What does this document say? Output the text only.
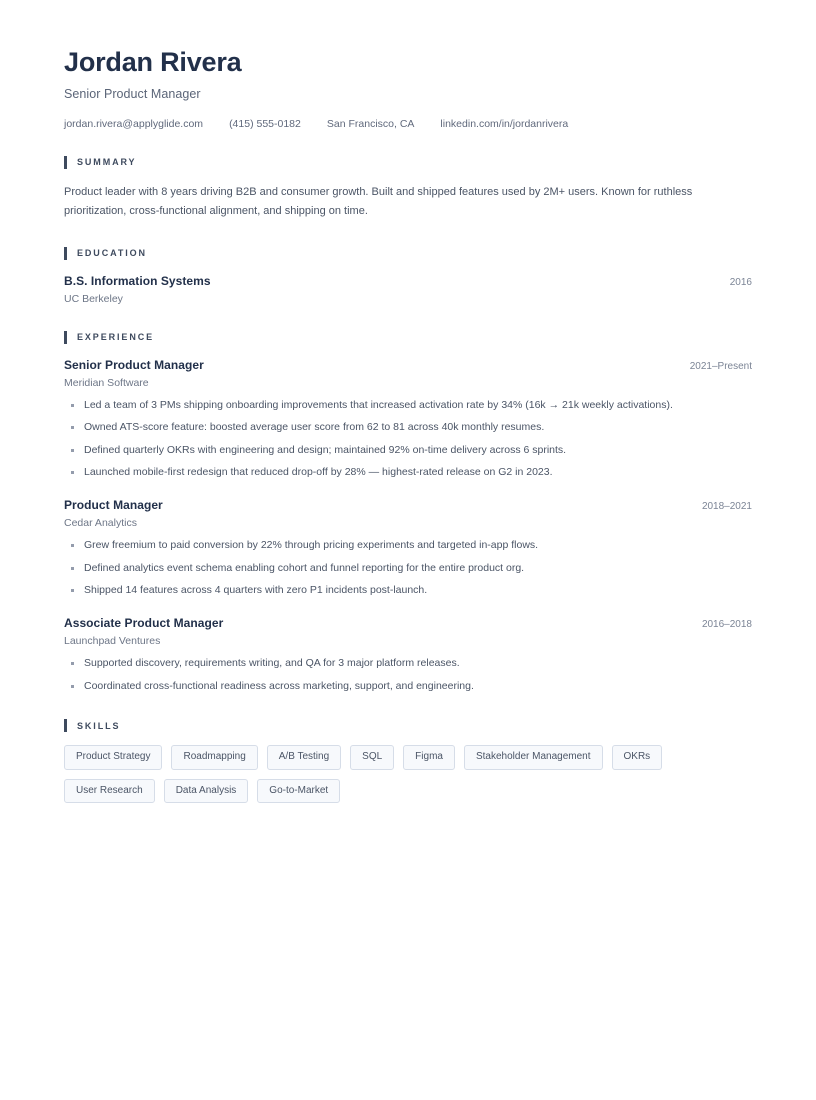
Jordan Rivera
Senior Product Manager
jordan.rivera@applyglide.com (415) 555-0182 San Francisco, CA linkedin.com/in/jordanrivera
SUMMARY
Product leader with 8 years driving B2B and consumer growth. Built and shipped features used by 2M+ users. Known for ruthless prioritization, cross-functional alignment, and shipping on time.
EDUCATION
B.S. Information Systems	2016
UC Berkeley
EXPERIENCE
Senior Product Manager	2021–Present
Meridian Software
Led a team of 3 PMs shipping onboarding improvements that increased activation rate by 34% (16k → 21k weekly activations).
Owned ATS-score feature: boosted average user score from 62 to 81 across 40k monthly resumes.
Defined quarterly OKRs with engineering and design; maintained 92% on-time delivery across 6 sprints.
Launched mobile-first redesign that reduced drop-off by 28% — highest-rated release on G2 in 2023.
Product Manager	2018–2021
Cedar Analytics
Grew freemium to paid conversion by 22% through pricing experiments and targeted in-app flows.
Defined analytics event schema enabling cohort and funnel reporting for the entire product org.
Shipped 14 features across 4 quarters with zero P1 incidents post-launch.
Associate Product Manager	2016–2018
Launchpad Ventures
Supported discovery, requirements writing, and QA for 3 major platform releases.
Coordinated cross-functional readiness across marketing, support, and engineering.
SKILLS
Product Strategy	Roadmapping	A/B Testing	SQL	Figma	Stakeholder Management	OKRs
User Research	Data Analysis	Go-to-Market
